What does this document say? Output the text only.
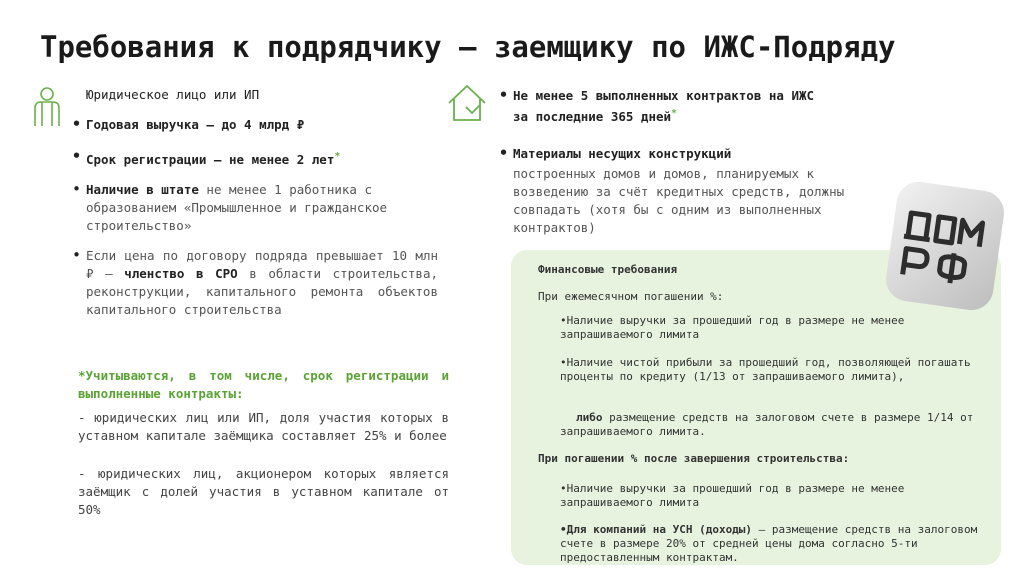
Требования к подрядчику – заемщику по ИЖС-Подряду
Юридическое лицо или ИП
• Годовая выручка – до 4 млрд ₽
• Срок регистрации – не менее 2 лет*
• Наличие в штате не менее 1 работника с образованием «Промышленное и гражданское строительство»
• Если цена по договору подряда превышает 10 млн ₽ – членство в СРО в области строительства, реконструкции, капитального ремонта объектов капитального строительства
*Учитываются, в том числе, срок регистрации и выполненные контракты:
- юридических лиц или ИП, доля участия которых в уставном капитале заёмщика составляет 25% и более
- юридических лиц, акционером которых является заёмщик с долей участия в уставном капитале от 50%
• Не менее 5 выполненных контрактов на ИЖС за последние 365 дней*
• Материалы несущих конструкций
построенных домов и домов, планируемых к возведению за счёт кредитных средств, должны совпадать (хотя бы с одним из выполненных контрактов)
Финансовые требования
При ежемесячном погашении %:
•Наличие выручки за прошедший год в размере не менее запрашиваемого лимита
•Наличие чистой прибыли за прошедший год, позволяющей погашать проценты по кредиту (1/13 от запрашиваемого лимита),
либо размещение средств на залоговом счете в размере 1/14 от запрашиваемого лимита.
При погашении % после завершения строительства:
•Наличие выручки за прошедший год в размере не менее запрашиваемого лимита
•Для компаний на УСН (доходы) – размещение средств на залоговом счете в размере 20% от средней цены дома согласно 5-ти предоставленным контрактам.
